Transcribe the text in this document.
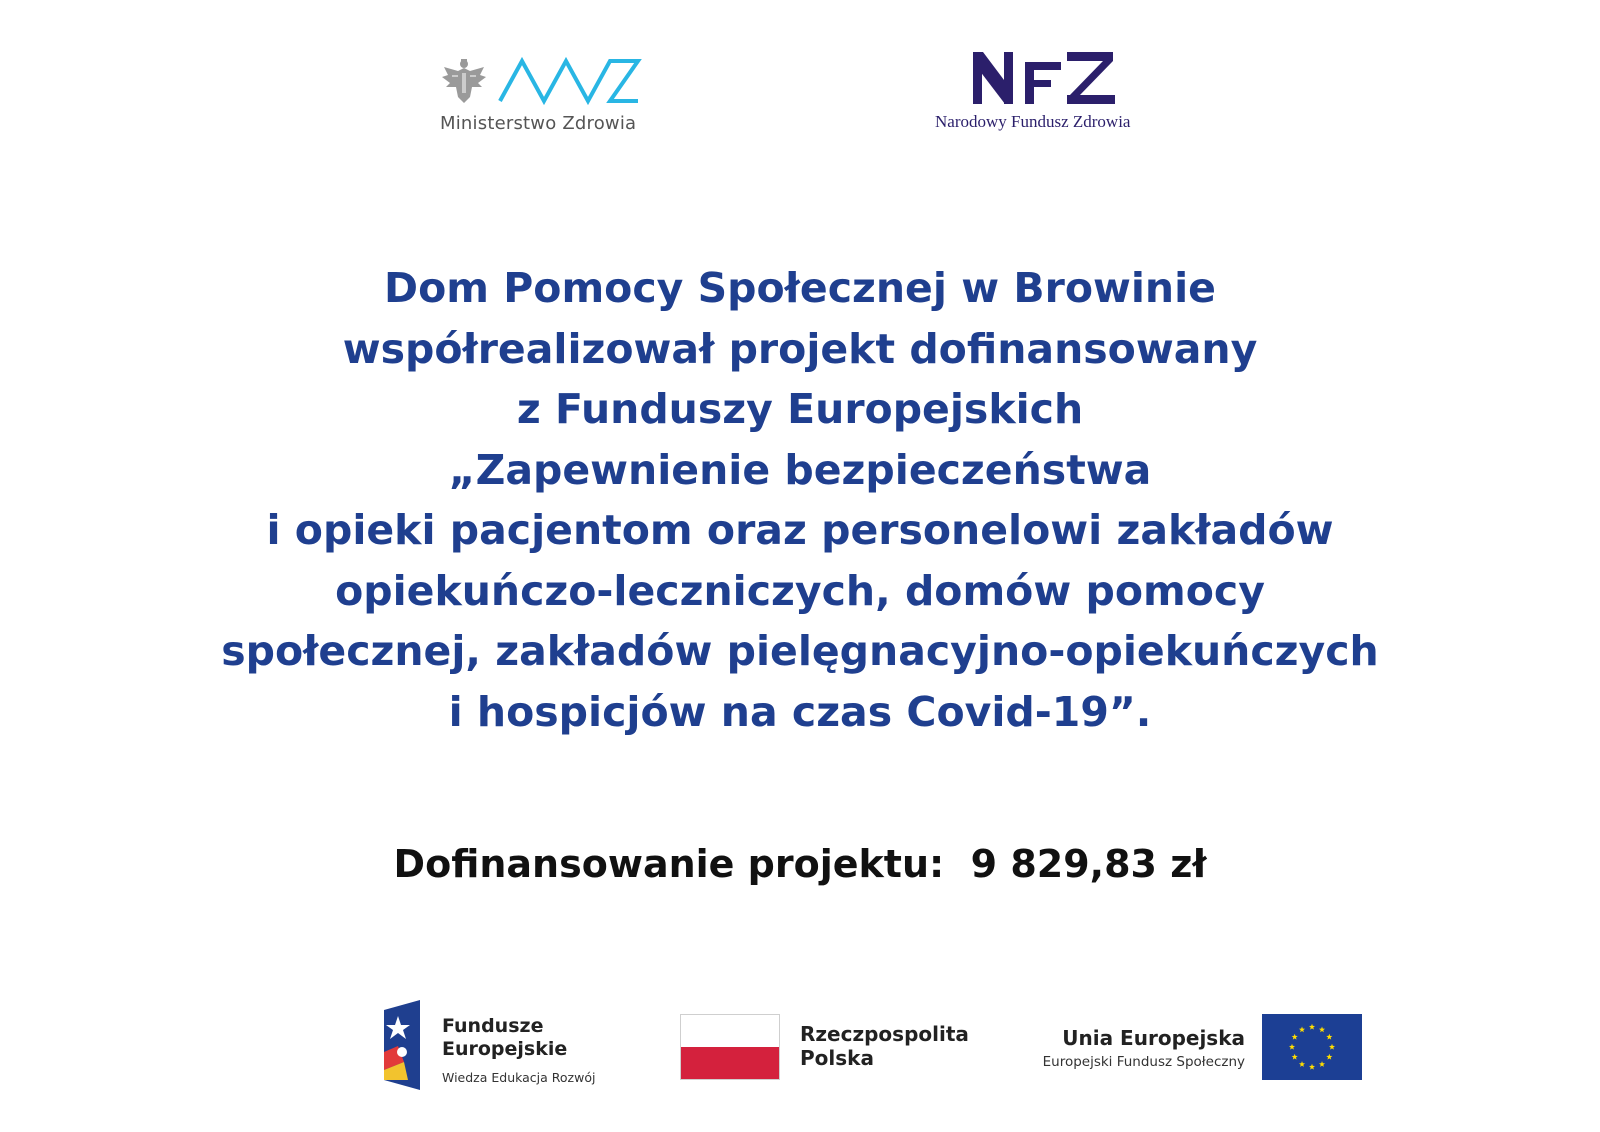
Ministerstwo Zdrowia	Narodowy Fundusz Zdrowia
Dom Pomocy Społecznej w Browinie
współrealizował projekt dofinansowany
z Funduszy Europejskich
„Zapewnienie bezpieczeństwa
i opieki pacjentom oraz personelowi zakładów
opiekuńczo-leczniczych, domów pomocy
społecznej, zakładów pielęgnacyjno-opiekuńczych
i hospicjów na czas Covid-19”.
Dofinansowanie projektu: 9 829,83 zł
Fundusze
Europejskie
Wiedza Edukacja Rozwój
Rzeczpospolita
Polska
Unia Europejska
Europejski Fundusz Społeczny
